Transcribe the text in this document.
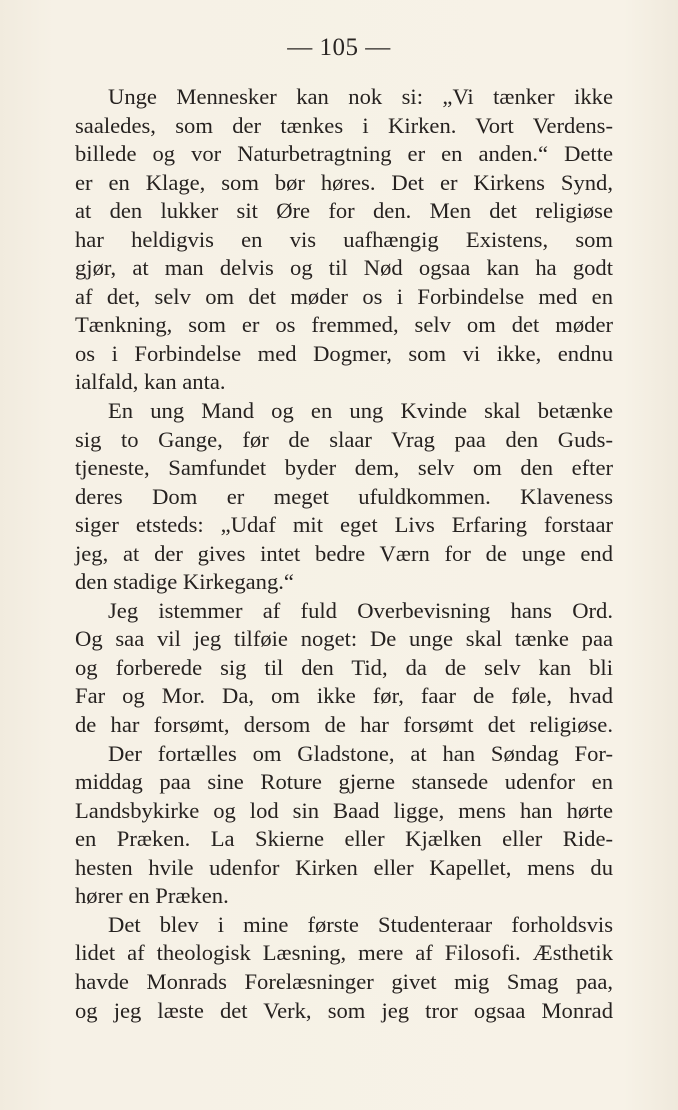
— 105 —
Unge Mennesker kan nok si: „Vi tænker ikke
saaledes, som der tænkes i Kirken. Vort Verdens-
billede og vor Naturbetragtning er en anden.“ Dette
er en Klage, som bør høres. Det er Kirkens Synd,
at den lukker sit Øre for den. Men det religiøse
har heldigvis en vis uafhængig Existens, som
gjør, at man delvis og til Nød ogsaa kan ha godt
af det, selv om det møder os i Forbindelse med en
Tænkning, som er os fremmed, selv om det møder
os i Forbindelse med Dogmer, som vi ikke, endnu
ialfald, kan anta.
En ung Mand og en ung Kvinde skal betænke
sig to Gange, før de slaar Vrag paa den Guds-
tjeneste, Samfundet byder dem, selv om den efter
deres Dom er meget ufuldkommen. Klaveness
siger etsteds: „Udaf mit eget Livs Erfaring forstaar
jeg, at der gives intet bedre Værn for de unge end
den stadige Kirkegang.“
Jeg istemmer af fuld Overbevisning hans Ord.
Og saa vil jeg tilføie noget: De unge skal tænke paa
og forberede sig til den Tid, da de selv kan bli
Far og Mor. Da, om ikke før, faar de føle, hvad
de har forsømt, dersom de har forsømt det religiøse.
Der fortælles om Gladstone, at han Søndag For-
middag paa sine Roture gjerne stansede udenfor en
Landsbykirke og lod sin Baad ligge, mens han hørte
en Præken. La Skierne eller Kjælken eller Ride-
hesten hvile udenfor Kirken eller Kapellet, mens du
hører en Præken.
Det blev i mine første Studenteraar forholdsvis
lidet af theologisk Læsning, mere af Filosofi. Æsthetik
havde Monrads Forelæsninger givet mig Smag paa,
og jeg læste det Verk, som jeg tror ogsaa Monrad
